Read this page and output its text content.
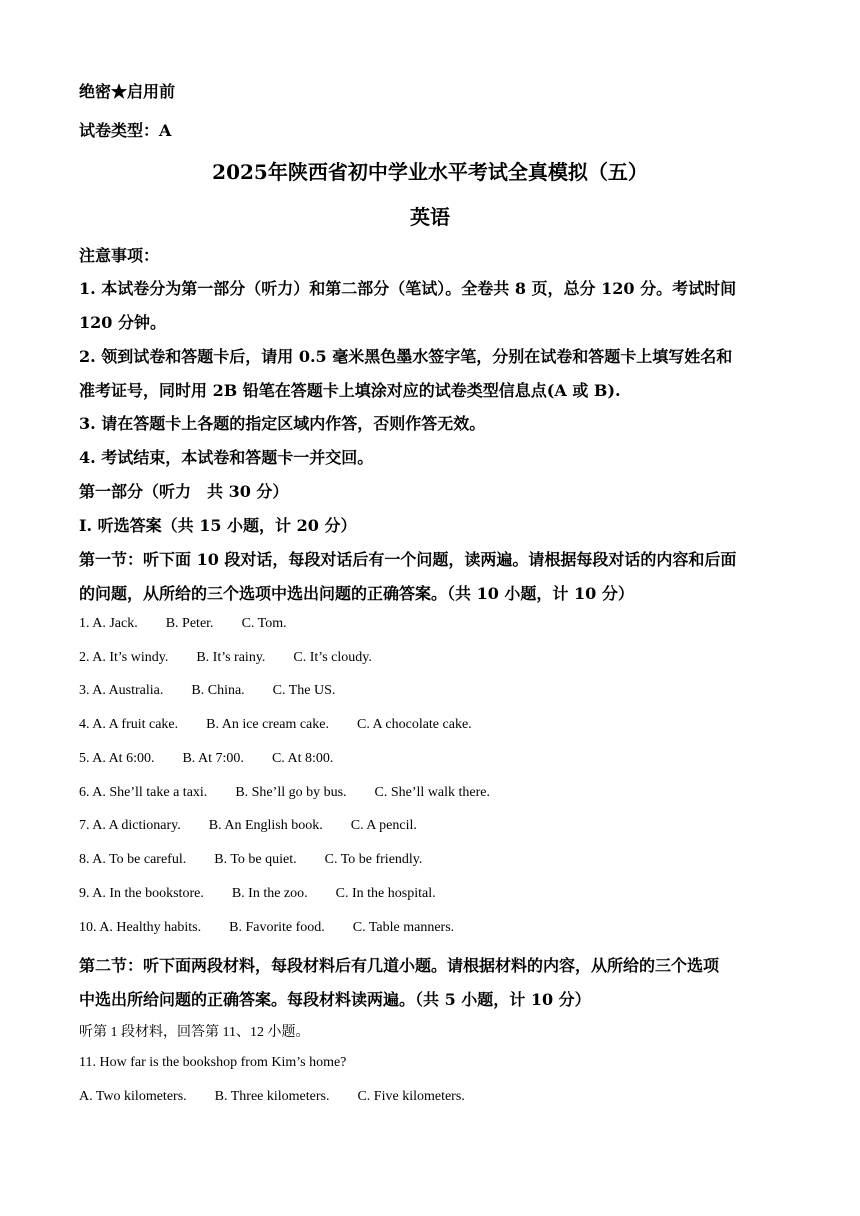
绝密★启用前
试卷类型：A
2025年陕西省初中学业水平考试全真模拟（五）
英语
注意事项：
1. 本试卷分为第一部分（听力）和第二部分（笔试）。全卷共 8 页，总分 120 分。考试时间
120 分钟。
2. 领到试卷和答题卡后，请用 0.5 毫米黑色墨水签字笔，分别在试卷和答题卡上填写姓名和
准考证号，同时用 2B 铅笔在答题卡上填涂对应的试卷类型信息点(A 或 B).
3. 请在答题卡上各题的指定区域内作答，否则作答无效。
4. 考试结束，本试卷和答题卡一并交回。
第一部分（听力　共 30 分）
Ⅰ. 听选答案（共 15 小题，计 20 分）
第一节：听下面 10 段对话，每段对话后有一个问题，读两遍。请根据每段对话的内容和后面
的问题，从所给的三个选项中选出问题的正确答案。（共 10 小题，计 10 分）
1. A. Jack. B. Peter. C. Tom.
2. A. It’s windy. B. It’s rainy. C. It’s cloudy.
3. A. Australia. B. China. C. The US.
4. A. A fruit cake. B. An ice cream cake. C. A chocolate cake.
5. A. At 6:00. B. At 7:00. C. At 8:00.
6. A. She’ll take a taxi. B. She’ll go by bus. C. She’ll walk there.
7. A. A dictionary. B. An English book. C. A pencil.
8. A. To be careful. B. To be quiet. C. To be friendly.
9. A. In the bookstore. B. In the zoo. C. In the hospital.
10. A. Healthy habits. B. Favorite food. C. Table manners.
第二节：听下面两段材料，每段材料后有几道小题。请根据材料的内容，从所给的三个选项
中选出所给问题的正确答案。每段材料读两遍。（共 5 小题，计 10 分）
听第 1 段材料，回答第 11、12 小题。
11. How far is the bookshop from Kim’s home?
A. Two kilometers. B. Three kilometers. C. Five kilometers.
